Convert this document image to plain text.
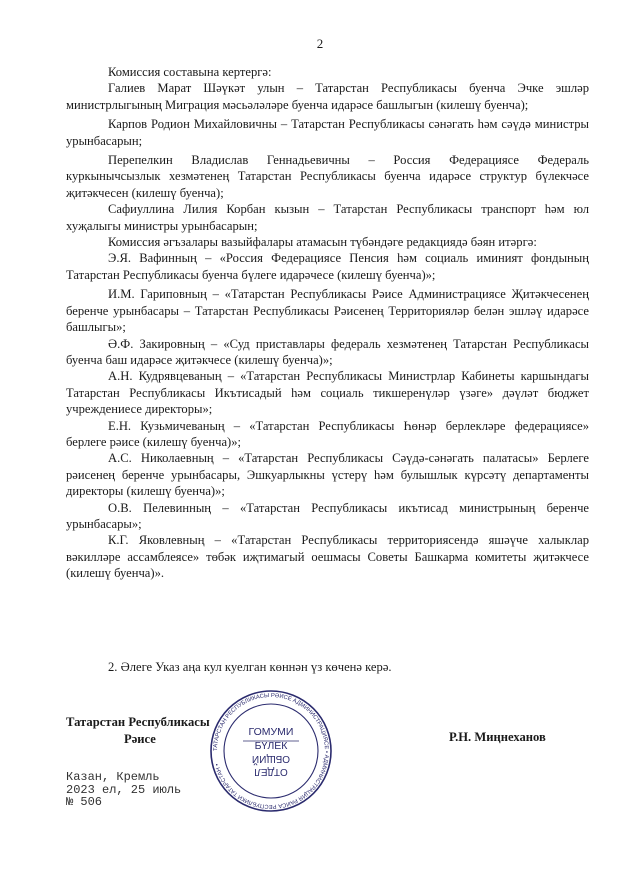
2

Комиссия составына кертергә:

Галиев Марат Шәүкәт улын – Татарстан Республикасы буенча Эчке эшләр министрлыгының Миграция мәсьәләләре буенча идарәсе башлыгын (килешү буенча);

Карпов Родион Михайловичны – Татарстан Республикасы сәнәгать һәм сәүдә министры урынбасарын;

Перепелкин Владислав Геннадьевичны – Россия Федерациясе Федераль куркынычсызлык хезмәтенең Татарстан Республикасы буенча идарәсе структур бүлекчәсе җитәкчесен (килешү буенча);

Сафиуллина Лилия Корбан кызын – Татарстан Республикасы транспорт һәм юл хуҗалыгы министры урынбасарын;

Комиссия әгъзалары вазыйфалары атамасын түбәндәге редакциядә бәян итәргә:

Э.Я. Вафинның – «Россия Федерациясе Пенсия һәм социаль иминият фондының Татарстан Республикасы буенча бүлеге идарәчесе (килешү буенча)»;

И.М. Гариповның – «Татарстан Республикасы Рәисе Администрациясе Җитәкчесенең беренче урынбасары – Татарстан Республикасы Рәисенең Территорияләр белән эшләү идарәсе башлыгы»;

Ә.Ф. Закировның – «Суд приставлары федераль хезмәтенең Татарстан Республикасы буенча баш идарәсе җитәкчесе (килешү буенча)»;

А.Н. Кудрявцеваның – «Татарстан Республикасы Министрлар Кабинеты каршындагы Татарстан Республикасы Икътисадый һәм социаль тикшеренүләр үзәге» дәүләт бюджет учреждениесе директоры»;

Е.Н. Кузьмичеваның – «Татарстан Республикасы Һөнәр берлекләре федерациясе» берлеге рәисе (килешү буенча)»;

А.С. Николаевның – «Татарстан Республикасы Сәүдә-сәнәгать палатасы» Берлеге рәисенең беренче урынбасары, Эшкуарлыкны үстерү һәм булышлык күрсәтү департаменты директоры (килешү буенча)»;

О.В. Пелевинның – «Татарстан Республикасы икътисад министрының беренче урынбасары»;

К.Г. Яковлевның – «Татарстан Республикасы территориясендә яшәүче халыклар вәкилләре ассамблеясе» төбәк иҗтимагый оешмасы Советы Башкарма комитеты җитәкчесе (килешү буенча)».

2. Әлеге Указ аңа кул куелган көннән үз көченә керә.
Татарстан Республикасы
Рәисе
ТАТАРСТАН РЕСПУБЛИКАСЫ РӘИСЕ АДМИНИСТРАЦИЯСЕ • АДМИНИСТРАЦИЯ РАИСА РЕСПУБЛИКИ ТАТАРСТАН •
ГОМУМИ
БҮЛЕК
ОТДЕЛ
ОБЩИЙ
Р.Н. Миңнеханов
Казан, Кремль
2023 ел, 25 июль
№ 506
